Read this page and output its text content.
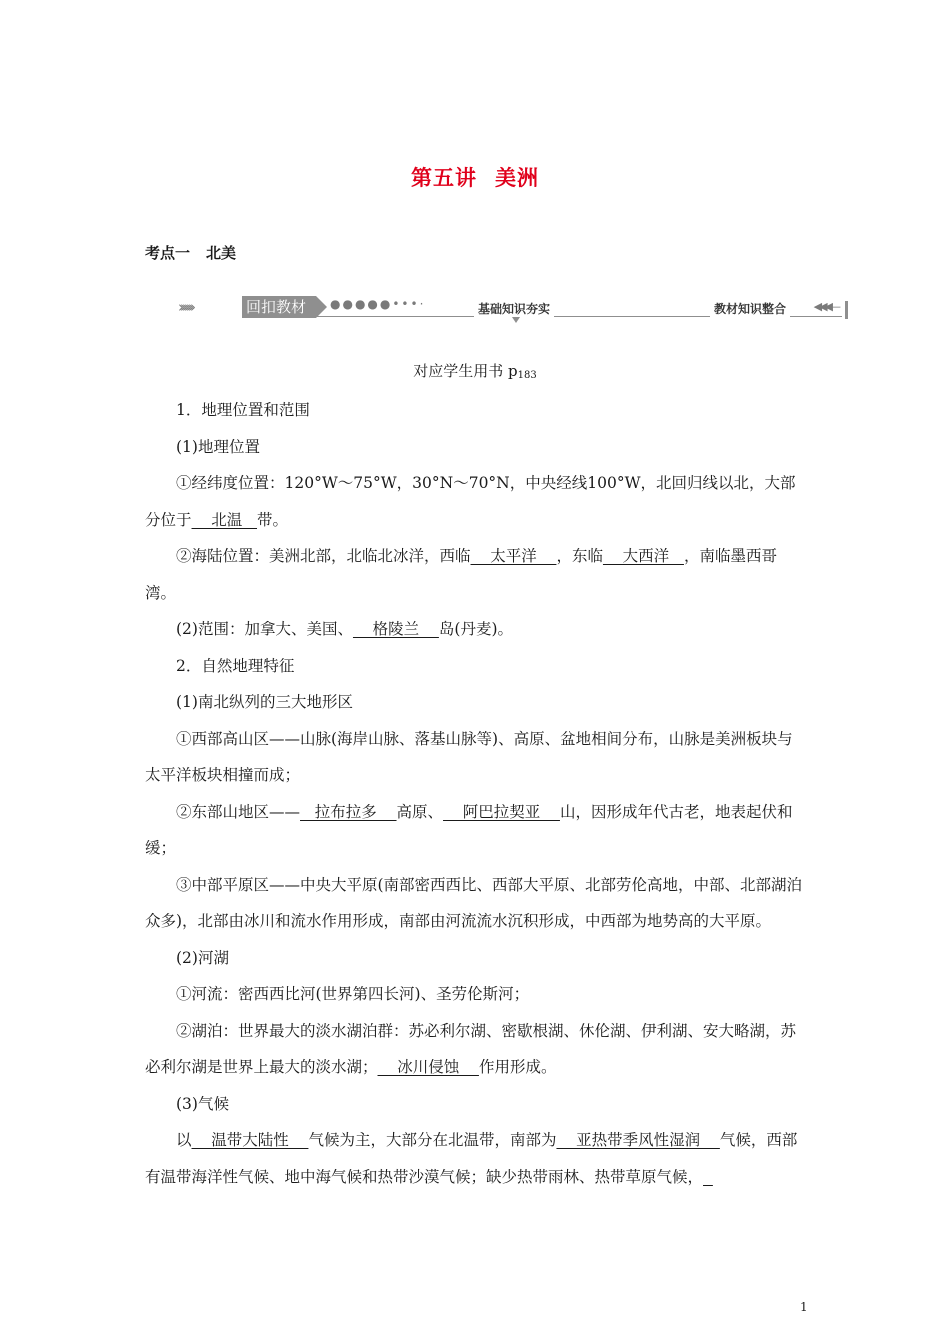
第五讲 美洲
考点一 北美
›››››››	回扣教材	●●●●●•••·	基础知识夯实	教材知识整合	◀◀◀—
对应学生用书 $p_{183}$

1．地理位置和范围

(1)地理位置

①经纬度位置：120°W～75°W，30°N～70°N，中央经线100°W，北回归线以北，大部分位于    北温   带。

②海陆位置：美洲北部，北临北冰洋，西临    太平洋    ，东临    大西洋   ，南临墨西哥湾。

(2)范围：加拿大、美国、    格陵兰    岛(丹麦)。

2．自然地理特征

(1)南北纵列的三大地形区

①西部高山区——山脉(海岸山脉、落基山脉等)、高原、盆地相间分布，山脉是美洲板块与太平洋板块相撞而成；

②东部山地区——   拉布拉多    高原、    阿巴拉契亚    山，因形成年代古老，地表起伏和缓；

③中部平原区——中央大平原(南部密西西比、西部大平原、北部劳伦高地，中部、北部湖泊众多)，北部由冰川和流水作用形成，南部由河流流水沉积形成，中西部为地势高的大平原。

(2)河湖

①河流：密西西比河(世界第四长河)、圣劳伦斯河；

②湖泊：世界最大的淡水湖泊群：苏必利尔湖、密歇根湖、休伦湖、伊利湖、安大略湖，苏必利尔湖是世界上最大的淡水湖；    冰川侵蚀    作用形成。

(3)气候

以    温带大陆性    气候为主，大部分在北温带，南部为    亚热带季风性湿润    气候，西部有温带海洋性气候、地中海气候和热带沙漠气候；缺少热带雨林、热带草原气候，

1
